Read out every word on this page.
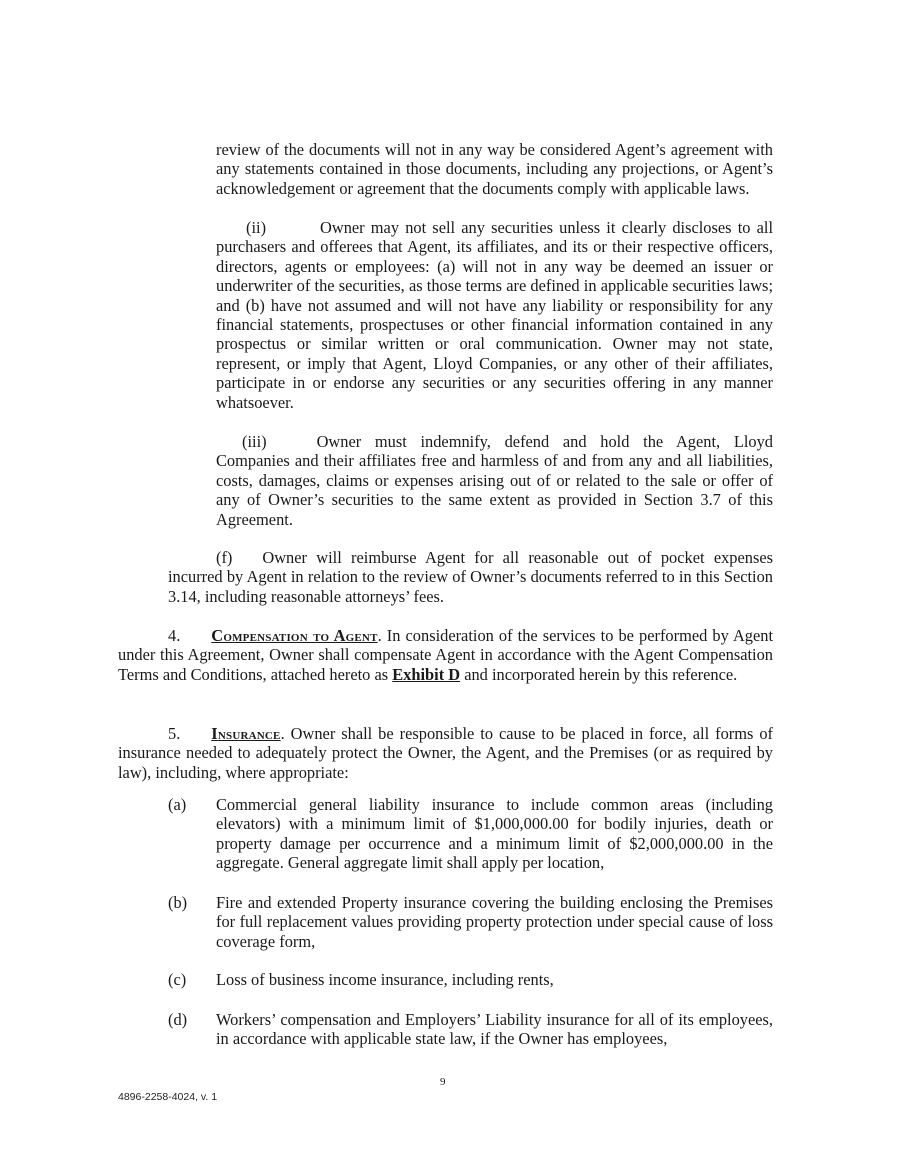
review of the documents will not in any way be considered Agent’s agreement with any statements contained in those documents, including any projections, or Agent’s acknowledgement or agreement that the documents comply with applicable laws.

(ii)	Owner may not sell any securities unless it clearly discloses to all purchasers and offerees that Agent, its affiliates, and its or their respective officers, directors, agents or employees: (a) will not in any way be deemed an issuer or underwriter of the securities, as those terms are defined in applicable securities laws; and (b) have not assumed and will not have any liability or responsibility for any financial statements, prospectuses or other financial information contained in any prospectus or similar written or oral communication. Owner may not state, represent, or imply that Agent, Lloyd Companies, or any other of their affiliates, participate in or endorse any securities or any securities offering in any manner whatsoever.

(iii)	Owner must indemnify, defend and hold the Agent, Lloyd Companies and their affiliates free and harmless of and from any and all liabilities, costs, damages, claims or expenses arising out of or related to the sale or offer of any of Owner’s securities to the same extent as provided in Section 3.7 of this Agreement.

(f) Owner will reimburse Agent for all reasonable out of pocket expenses incurred by Agent in relation to the review of Owner’s documents referred to in this Section 3.14, including reasonable attorneys’ fees.

4. Compensation to Agent. In consideration of the services to be performed by Agent under this Agreement, Owner shall compensate Agent in accordance with the Agent Compensation Terms and Conditions, attached hereto as Exhibit D and incorporated herein by this reference.

5. Insurance. Owner shall be responsible to cause to be placed in force, all forms of insurance needed to adequately protect the Owner, the Agent, and the Premises (or as required by law), including, where appropriate:

(a) Commercial general liability insurance to include common areas (including elevators) with a minimum limit of $1,000,000.00 for bodily injuries, death or property damage per occurrence and a minimum limit of $2,000,000.00 in the aggregate. General aggregate limit shall apply per location,

(b) Fire and extended Property insurance covering the building enclosing the Premises for full replacement values providing property protection under special cause of loss coverage form,

(c) Loss of business income insurance, including rents,

(d) Workers’ compensation and Employers’ Liability insurance for all of its employees, in accordance with applicable state law, if the Owner has employees,

9
4896-2258-4024, v. 1
